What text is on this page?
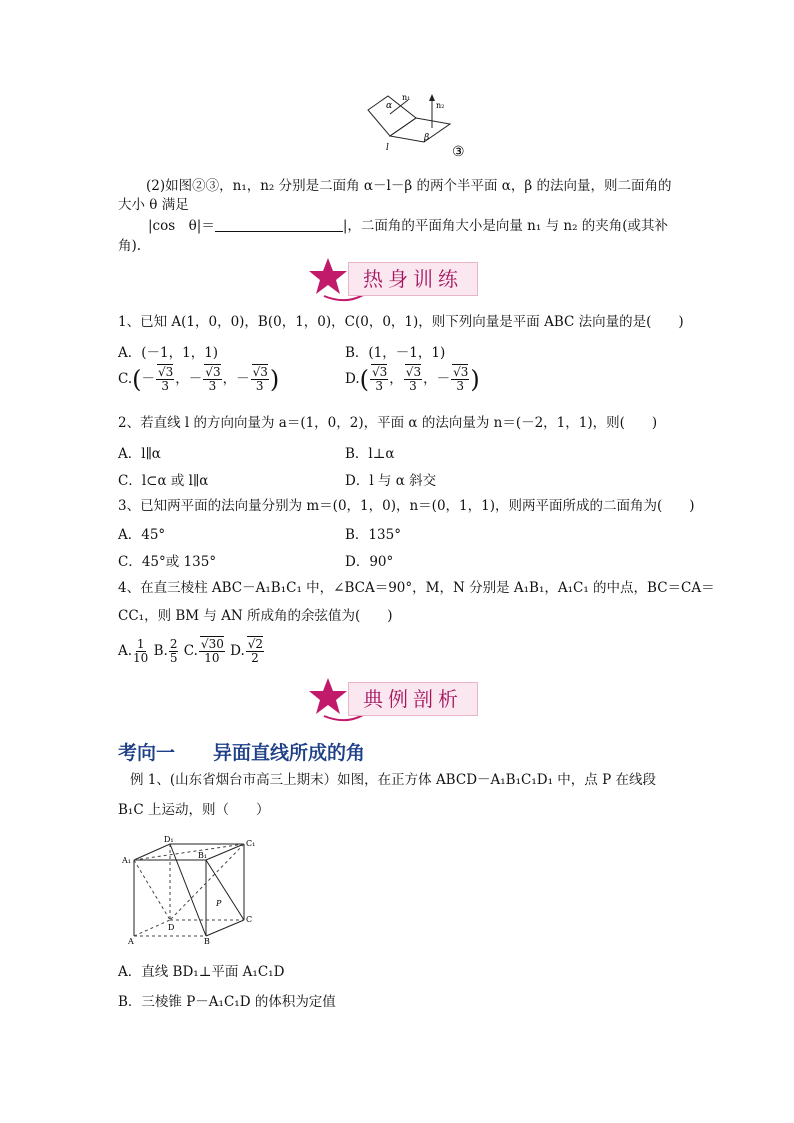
α
n₁
n₂
β
l	③
(2)如图②③，n₁，n₂ 分别是二面角 α－l－β 的两个半平面 α，β 的法向量，则二面角的
大小 θ 满足
|cos　θ|＝	|，二面角的平面角大小是向量 n₁ 与 n₂ 的夹角(或其补
角).
热身训练
1、已知 A(1，0，0)，B(0，1，0)，C(0，0，1)，则下列向量是平面 ABC 法向量的是(　　)
A．(－1，1，1)	B．(1，－1，1)
$C.(- \frac{√3}{3}$ ，－ $\frac{√3}{3}$ ，－ $\frac{√3}{3}$ )	$D.( \frac{√3}{3}$ ， $\frac{√3}{3}$ ，－ $\frac{√3}{3}$ )
2、若直线 l 的方向向量为 a＝(1，0，2)，平面 α 的法向量为 n＝(－2，1，1)，则(　　)
A．l∥α	B．l⊥α
C．l⊂α 或 l∥α	D．l 与 α 斜交
3、已知两平面的法向量分别为 m＝(0，1，0)，n＝(0，1，1)，则两平面所成的二面角为(　　)
A．45°	B．135°
C．45°或 135°	D．90°
4、在直三棱柱 ABC－A₁B₁C₁ 中，∠BCA＝90°，M，N 分别是 A₁B₁，A₁C₁ 的中点，BC＝CA＝
CC₁，则 BM 与 AN 所成角的余弦值为(　　)
A. $\frac{1}{10} B$. $\frac{2}{5} C$. $\frac{√30}{10} D$. $\frac{√2}{2}$
典例剖析
考向一　　异面直线所成的角
例 1、(山东省烟台市高三上期末）如图，在正方体 ABCD－A₁B₁C₁D₁ 中，点 P 在线段
B₁C 上运动，则（　　）
A₁
D₁	C₁
B₁
P
C
A
D
B
A．直线 BD₁⊥平面 A₁C₁D
B．三棱锥 P－A₁C₁D 的体积为定值
